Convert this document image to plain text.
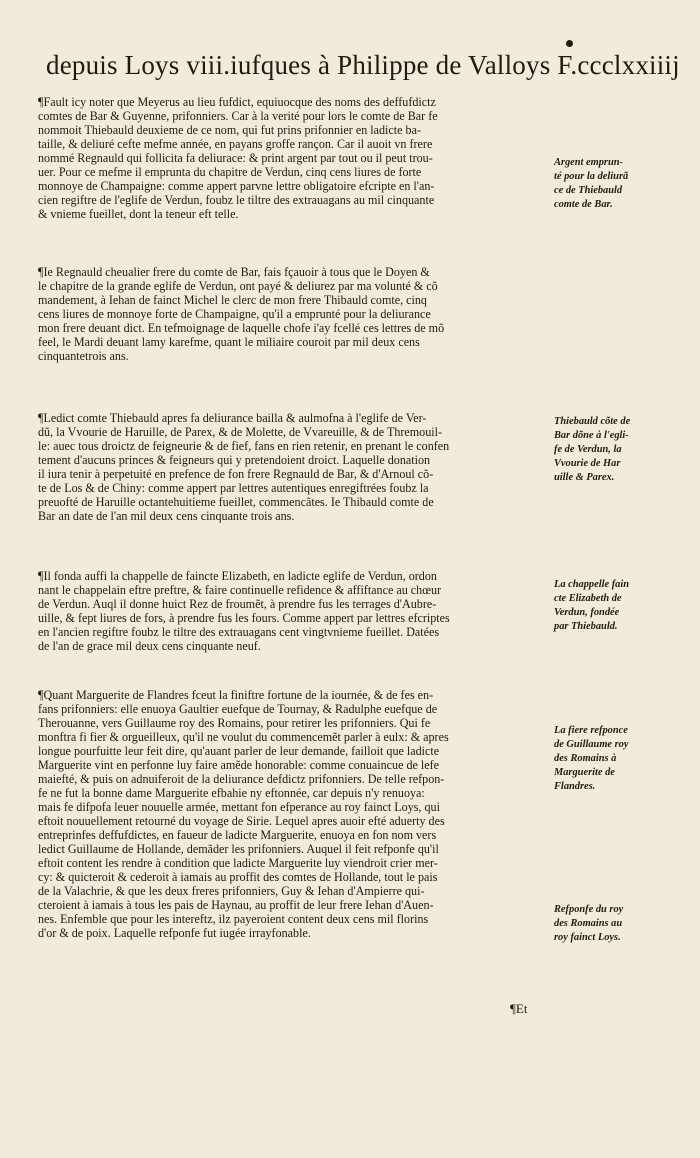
depuis Loys viii.iufques à Philippe de Valloys F.ccclxxiiij
¶Fault icy noter que Meyerus au lieu fufdict, equiuocque des noms des deffufdictz
comtes de Bar & Guyenne, prifonniers. Car à la verité pour lors le comte de Bar fe
nommoit Thiebauld deuxieme de ce nom, qui fut prins prifonnier en ladicte ba-
taille, & deliuré cefte mefme année, en payans groffe rançon. Car il auoit vn frere
nommé Regnauld qui follicita fa deliurace: & print argent par tout ou il peut trou-
uer. Pour ce mefme il emprunta du chapitre de Verdun, cinq cens liures de forte
monnoye de Champaigne: comme appert parvne lettre obligatoire efcripte en l'an-
cien regiftre de l'eglife de Verdun, foubz le tiltre des extrauagans au mil cinquante
& vnieme fueillet, dont la teneur eft telle.
¶Ie Regnauld cheualier frere du comte de Bar, fais fçauoir à tous que le Doyen &
le chapitre de la grande eglife de Verdun, ont payé & deliurez par ma volunté & cõ
mandement, à Iehan de fainct Michel le clerc de mon frere Thibauld comte, cinq
cens liures de monnoye forte de Champaigne, qu'il a emprunté pour la deliurance
mon frere deuant dict. En tefmoignage de laquelle chofe i'ay fcellé ces lettres de mõ
feel, le Mardi deuant lamy karefme, quant le miliaire couroit par mil deux cens
cinquantetrois ans.
¶Ledict comte Thiebauld apres fa deliurance bailla & aulmofna à l'eglife de Ver-
dũ, la Vvourie de Haruille, de Parex, & de Molette, de Vvareuille, & de Thremouil-
le: auec tous droictz de feigneurie & de fief, fans en rien retenir, en prenant le confen
tement d'aucuns princes & feigneurs qui y pretendoient droict. Laquelle donation
il iura tenir à perpetuité en prefence de fon frere Regnauld de Bar, & d'Arnoul cõ-
te de Los & de Chiny: comme appert par lettres autentiques enregiftrées foubz la
preuofté de Haruille octantehuitieme fueillet, commencãtes. Ie Thibauld comte de
Bar an date de l'an mil deux cens cinquante trois ans.
¶Il fonda auffi la chappelle de faincte Elizabeth, en ladicte eglife de Verdun, ordon
nant le chappelain eftre preftre, & faire continuelle refidence & affiftance au chœur
de Verdun. Auql il donne huict Rez de froumẽt, à prendre fus les terrages d'Aubre-
uille, & fept liures de fors, à prendre fus les fours. Comme appert par lettres efcriptes
en l'ancien regiftre foubz le tiltre des extrauagans cent vingtvnieme fueillet. Datées
de l'an de grace mil deux cens cinquante neuf.
¶Quant Marguerite de Flandres fceut la finiftre fortune de la iournée, & de fes en-
fans prifonniers: elle enuoya Gaultier euefque de Tournay, & Radulphe euefque de
Therouanne, vers Guillaume roy des Romains, pour retirer les prifonniers. Qui fe
monftra fi fier & orgueilleux, qu'il ne voulut du commencemẽt parler à eulx: & apres
longue pourfuitte leur feit dire, qu'auant parler de leur demande, failloit que ladicte
Marguerite vint en perfonne luy faire amẽde honorable: comme conuaincue de lefe
maiefté, & puis on adnuiferoit de la deliurance defdictz prifonniers. De telle refpon-
fe ne fut la bonne dame Marguerite efbahie ny eftonnée, car depuis n'y renuoya:
mais fe difpofa leuer nouuelle armée, mettant fon efperance au roy fainct Loys, qui
eftoit nouuellement retourné du voyage de Sirie. Lequel apres auoir efté aduerty des
entreprinfes deffufdictes, en faueur de ladicte Marguerite, enuoya en fon nom vers
ledict Guillaume de Hollande, demãder les prifonniers. Auquel il feit refponfe qu'il
eftoit content les rendre à condition que ladicte Marguerite luy viendroit crier mer-
cy: & quicteroit & cederoit à iamais au proffit des comtes de Hollande, tout le pais
de la Valachrie, & que les deux freres prifonniers, Guy & Iehan d'Ampierre qui-
cteroient à iamais à tous les pais de Haynau, au proffit de leur frere Iehan d'Auen-
nes. Enfemble que pour les intereftz, ilz payeroient content deux cens mil florins
d'or & de poix. Laquelle refponfe fut iugée irrayfonable.
Argent emprun-
té pour la deliurã
ce de Thiebauld
comte de Bar.
Thiebauld cõte de
Bar dõne à l'egli-
fe de Verdun, la
Vvourie de Har
uille & Parex.
La chappelle fain
cte Elizabeth de
Verdun, fondée
par Thiebauld.
La fiere refponce
de Guillaume roy
des Romains à
Marguerite de
Flandres.
Refponfe du roy
des Romains au
roy fainct Loys.
¶Et
